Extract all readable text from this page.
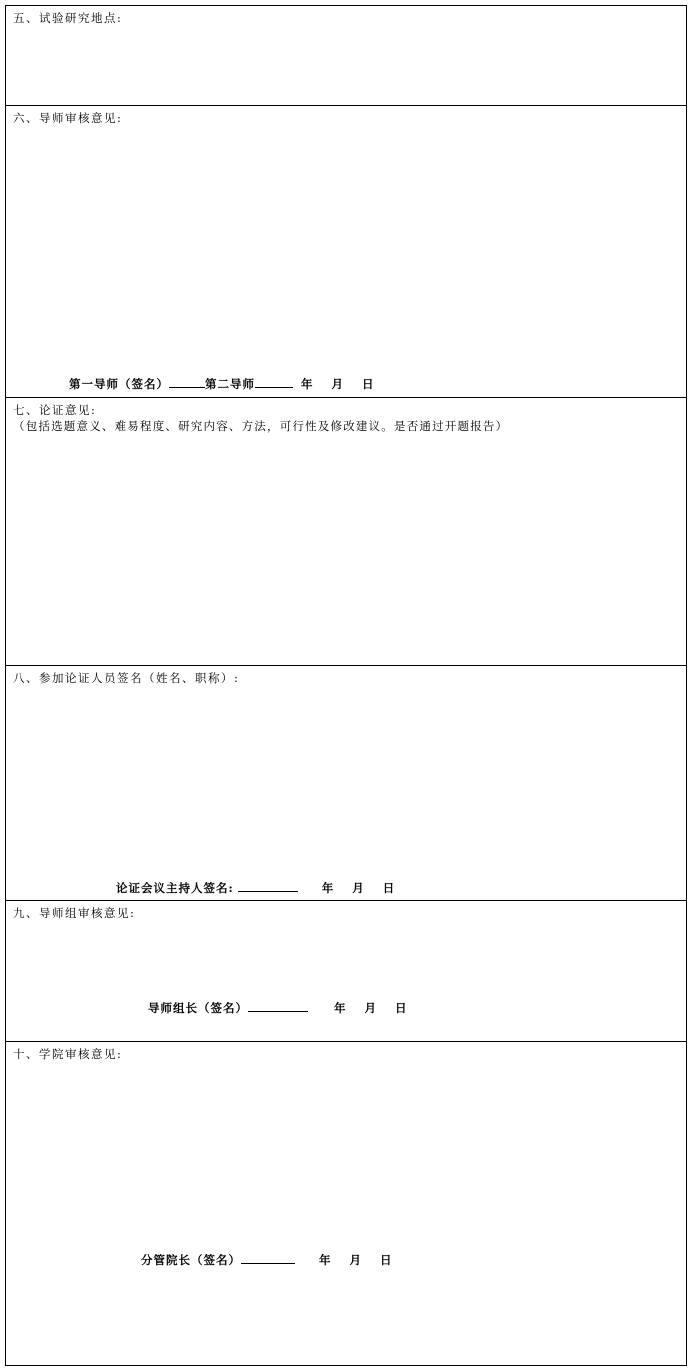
五、试验研究地点:
六、导师审核意见:
第一导师（签名）	第二导师	年 月 日
七、论证意见:
（包括选题意义、难易程度、研究内容、方法，可行性及修改建议。是否通过开题报告）
八、参加论证人员签名（姓名、职称）:
论证会议主持人签名:	年 月 日
九、导师组审核意见:
导师组长（签名）	年 月 日
十、学院审核意见:
分管院长（签名）	年 月 日
